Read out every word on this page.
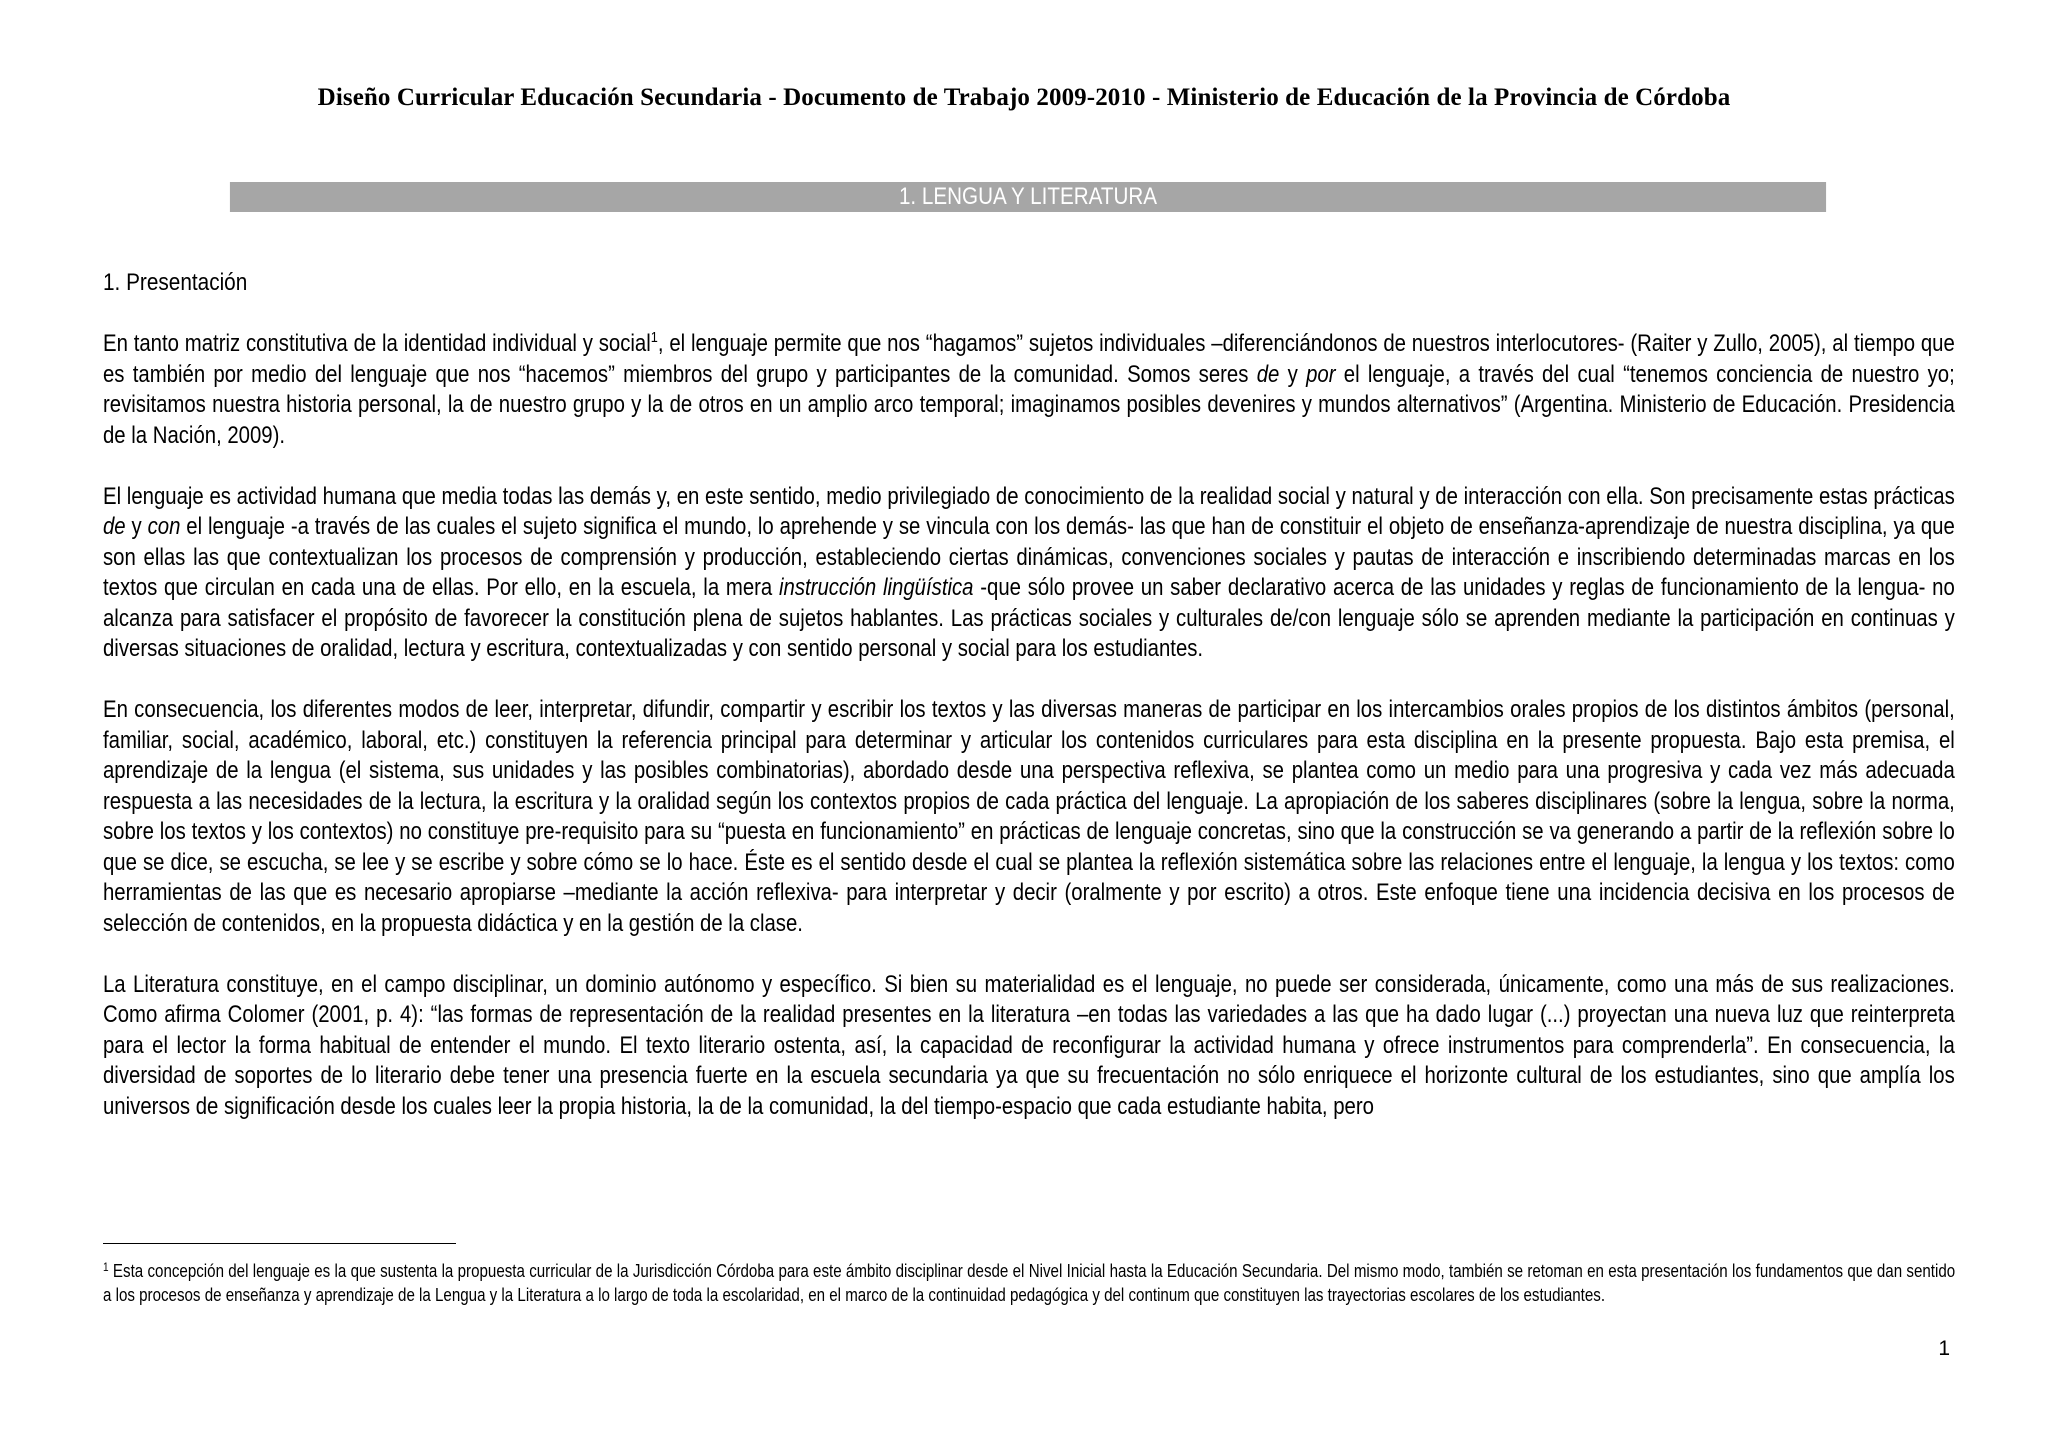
Diseño Curricular Educación Secundaria - Documento de Trabajo 2009-2010 - Ministerio de Educación de la Provincia de Córdoba
1. LENGUA Y LITERATURA
1. Presentación

En tanto matriz constitutiva de la identidad individual y social$^1$, el lenguaje permite que nos “hagamos” sujetos individuales –diferenciándonos de nuestros interlocutores- (Raiter y Zullo, 2005), al tiempo que es también por medio del lenguaje que nos “hacemos” miembros del grupo y participantes de la comunidad. Somos seres de y por el lenguaje, a través del cual “tenemos conciencia de nuestro yo; revisitamos nuestra historia personal, la de nuestro grupo y la de otros en un amplio arco temporal; imaginamos posibles devenires y mundos alternativos” (Argentina. Ministerio de Educación. Presidencia de la Nación, 2009).

El lenguaje es actividad humana que media todas las demás y, en este sentido, medio privilegiado de conocimiento de la realidad social y natural y de interacción con ella. Son precisamente estas prácticas de y con el lenguaje -a través de las cuales el sujeto significa el mundo, lo aprehende y se vincula con los demás- las que han de constituir el objeto de enseñanza-aprendizaje de nuestra disciplina, ya que son ellas las que contextualizan los procesos de comprensión y producción, estableciendo ciertas dinámicas, convenciones sociales y pautas de interacción e inscribiendo determinadas marcas en los textos que circulan en cada una de ellas. Por ello, en la escuela, la mera instrucción lingüística -que sólo provee un saber declarativo acerca de las unidades y reglas de funcionamiento de la lengua- no alcanza para satisfacer el propósito de favorecer la constitución plena de sujetos hablantes. Las prácticas sociales y culturales de/con lenguaje sólo se aprenden mediante la participación en continuas y diversas situaciones de oralidad, lectura y escritura, contextualizadas y con sentido personal y social para los estudiantes.

En consecuencia, los diferentes modos de leer, interpretar, difundir, compartir y escribir los textos y las diversas maneras de participar en los intercambios orales propios de los distintos ámbitos (personal, familiar, social, académico, laboral, etc.) constituyen la referencia principal para determinar y articular los contenidos curriculares para esta disciplina en la presente propuesta. Bajo esta premisa, el aprendizaje de la lengua (el sistema, sus unidades y las posibles combinatorias), abordado desde una perspectiva reflexiva, se plantea como un medio para una progresiva y cada vez más adecuada respuesta a las necesidades de la lectura, la escritura y la oralidad según los contextos propios de cada práctica del lenguaje. La apropiación de los saberes disciplinares (sobre la lengua, sobre la norma, sobre los textos y los contextos) no constituye pre-requisito para su “puesta en funcionamiento” en prácticas de lenguaje concretas, sino que la construcción se va generando a partir de la reflexión sobre lo que se dice, se escucha, se lee y se escribe y sobre cómo se lo hace. Éste es el sentido desde el cual se plantea la reflexión sistemática sobre las relaciones entre el lenguaje, la lengua y los textos: como herramientas de las que es necesario apropiarse –mediante la acción reflexiva- para interpretar y decir (oralmente y por escrito) a otros. Este enfoque tiene una incidencia decisiva en los procesos de selección de contenidos, en la propuesta didáctica y en la gestión de la clase.

La Literatura constituye, en el campo disciplinar, un dominio autónomo y específico. Si bien su materialidad es el lenguaje, no puede ser considerada, únicamente, como una más de sus realizaciones. Como afirma Colomer (2001, p. 4): “las formas de representación de la realidad presentes en la literatura –en todas las variedades a las que ha dado lugar (...) proyectan una nueva luz que reinterpreta para el lector la forma habitual de entender el mundo. El texto literario ostenta, así, la capacidad de reconfigurar la actividad humana y ofrece instrumentos para comprenderla”. En consecuencia, la diversidad de soportes de lo literario debe tener una presencia fuerte en la escuela secundaria ya que su frecuentación no sólo enriquece el horizonte cultural de los estudiantes, sino que amplía los universos de significación desde los cuales leer la propia historia, la de la comunidad, la del tiempo-espacio que cada estudiante habita, pero

$^1$ Esta concepción del lenguaje es la que sustenta la propuesta curricular de la Jurisdicción Córdoba para este ámbito disciplinar desde el Nivel Inicial hasta la Educación Secundaria. Del mismo modo, también se retoman en esta presentación los fundamentos que dan sentido a los procesos de enseñanza y aprendizaje de la Lengua y la Literatura a lo largo de toda la escolaridad, en el marco de la continuidad pedagógica y del continum que constituyen las trayectorias escolares de los estudiantes.
1
